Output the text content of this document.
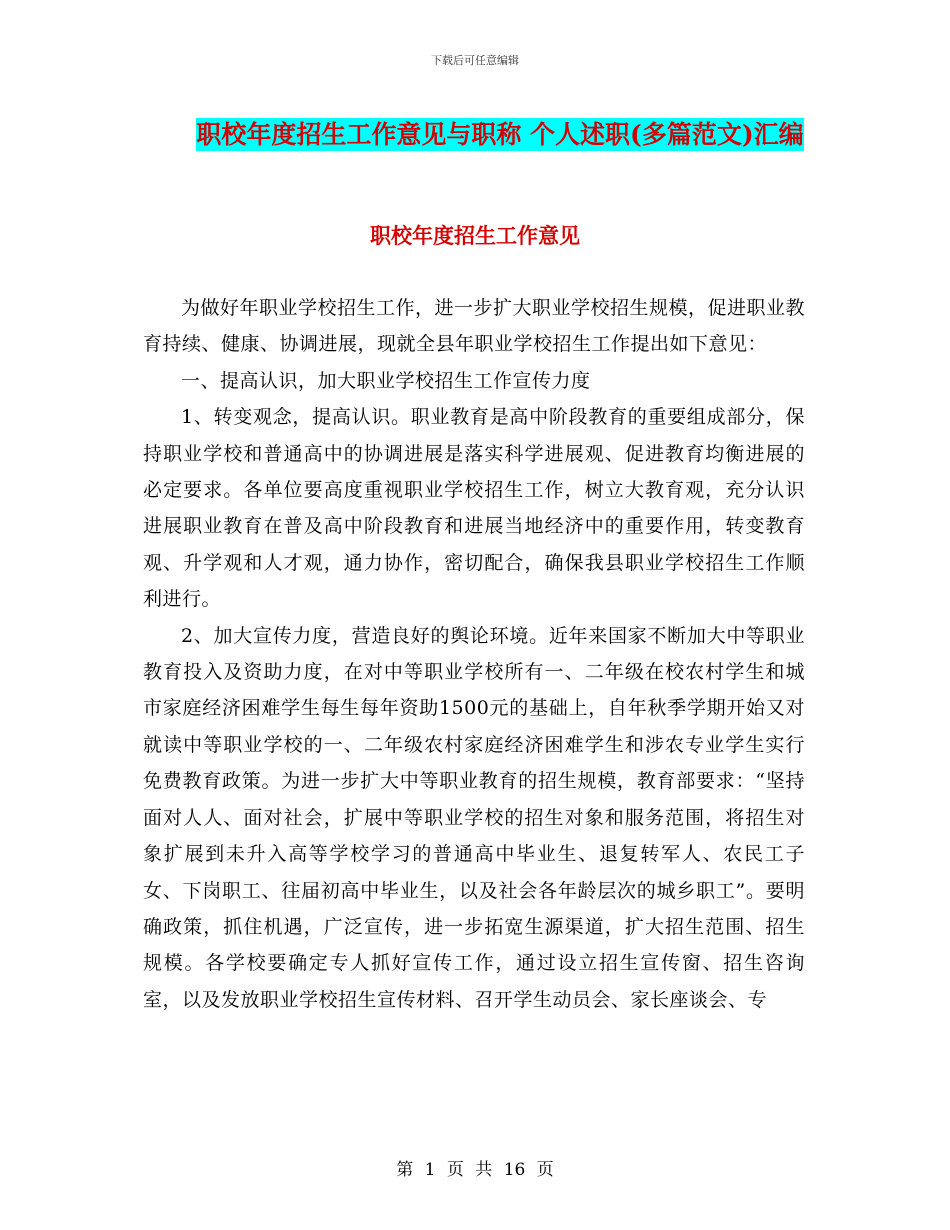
下载后可任意编辑
职校年度招生工作意见与职称 个人述职(多篇范文)汇编
职校年度招生工作意见

为做好年职业学校招生工作，进一步扩大职业学校招生规模，促进职业教育持续、健康、协调进展，现就全县年职业学校招生工作提出如下意见：

一、提高认识，加大职业学校招生工作宣传力度

1、转变观念，提高认识。职业教育是高中阶段教育的重要组成部分，保持职业学校和普通高中的协调进展是落实科学进展观、促进教育均衡进展的必定要求。各单位要高度重视职业学校招生工作，树立大教育观，充分认识进展职业教育在普及高中阶段教育和进展当地经济中的重要作用，转变教育观、升学观和人才观，通力协作，密切配合，确保我县职业学校招生工作顺利进行。

2、加大宣传力度，营造良好的舆论环境。近年来国家不断加大中等职业教育投入及资助力度，在对中等职业学校所有一、二年级在校农村学生和城市家庭经济困难学生每生每年资助1500元的基础上，自年秋季学期开始又对就读中等职业学校的一、二年级农村家庭经济困难学生和涉农专业学生实行免费教育政策。为进一步扩大中等职业教育的招生规模，教育部要求：“坚持面对人人、面对社会，扩展中等职业学校的招生对象和服务范围，将招生对象扩展到未升入高等学校学习的普通高中毕业生、退复转军人、农民工子女、下岗职工、往届初高中毕业生，以及社会各年龄层次的城乡职工”。要明确政策，抓住机遇，广泛宣传，进一步拓宽生源渠道，扩大招生范围、招生规模。各学校要确定专人抓好宣传工作，通过设立招生宣传窗、招生咨询室，以及发放职业学校招生宣传材料、召开学生动员会、家长座谈会、专

第 1 页 共 16 页
